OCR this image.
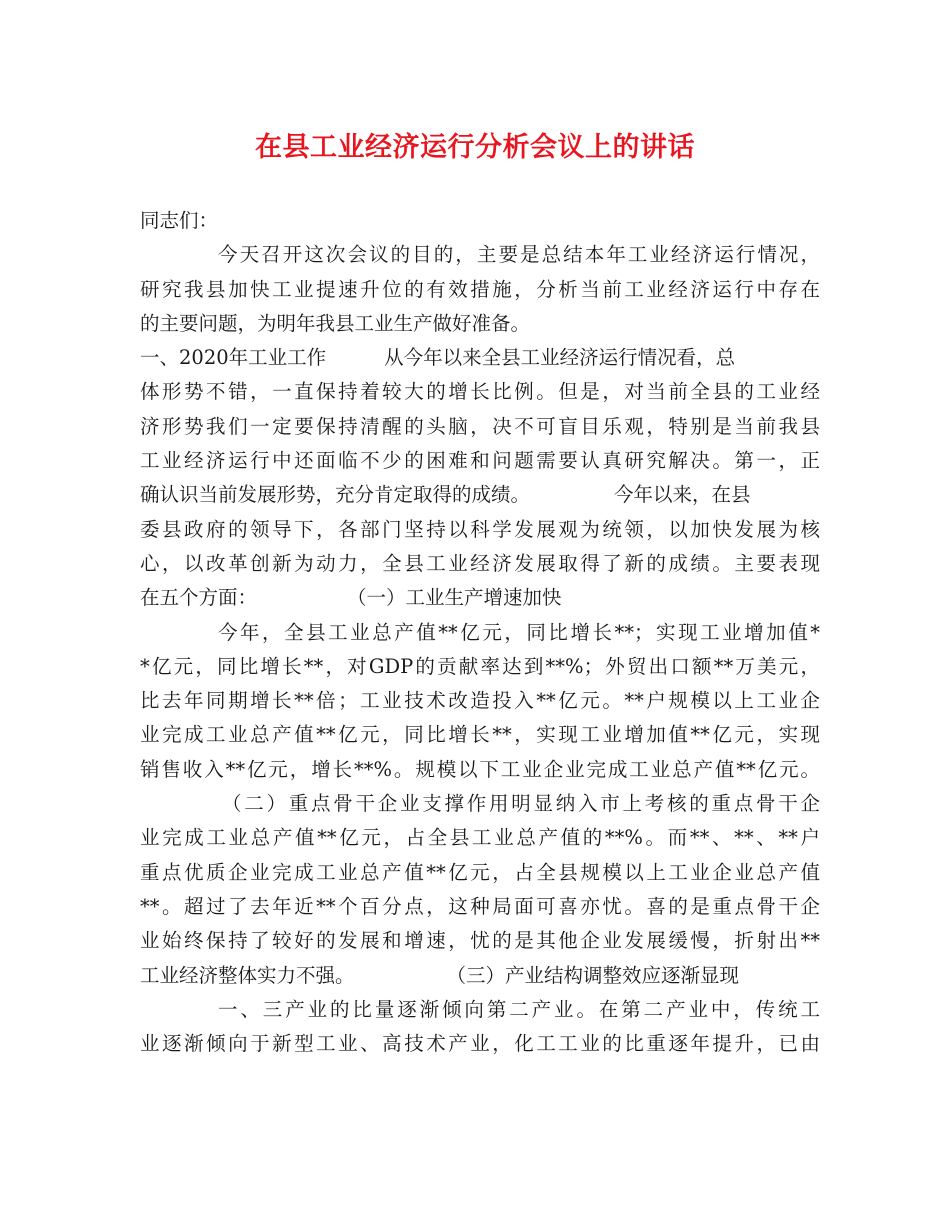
在县工业经济运行分析会议上的讲话
同志们：
今天召开这次会议的目的，主要是总结本年工业经济运行情况，
研究我县加快工业提速升位的有效措施，分析当前工业经济运行中存在
的主要问题，为明年我县工业生产做好准备。
一、2020年工业工作	从今年以来全县工业经济运行情况看，总
体形势不错，一直保持着较大的增长比例。但是，对当前全县的工业经
济形势我们一定要保持清醒的头脑，决不可盲目乐观，特别是当前我县
工业经济运行中还面临不少的困难和问题需要认真研究解决。第一，正
确认识当前发展形势，充分肯定取得的成绩。	今年以来，在县
委县政府的领导下，各部门坚持以科学发展观为统领，以加快发展为核
心，以改革创新为动力，全县工业经济发展取得了新的成绩。主要表现
在五个方面：	（一）工业生产增速加快
今年，全县工业总产值**亿元，同比增长**；实现工业增加值*
*亿元，同比增长**，对GDP的贡献率达到**%；外贸出口额**万美元，
比去年同期增长**倍；工业技术改造投入**亿元。**户规模以上工业企
业完成工业总产值**亿元，同比增长**，实现工业增加值**亿元，实现
销售收入**亿元，增长**%。规模以下工业企业完成工业总产值**亿元。
（二）重点骨干企业支撑作用明显纳入市上考核的重点骨干企
业完成工业总产值**亿元，占全县工业总产值的**%。而**、**、**户
重点优质企业完成工业总产值**亿元，占全县规模以上工业企业总产值
**。超过了去年近**个百分点，这种局面可喜亦忧。喜的是重点骨干企
业始终保持了较好的发展和增速，忧的是其他企业发展缓慢，折射出**
工业经济整体实力不强。	（三）产业结构调整效应逐渐显现
一、三产业的比量逐渐倾向第二产业。在第二产业中，传统工
业逐渐倾向于新型工业、高技术产业，化工工业的比重逐年提升，已由
